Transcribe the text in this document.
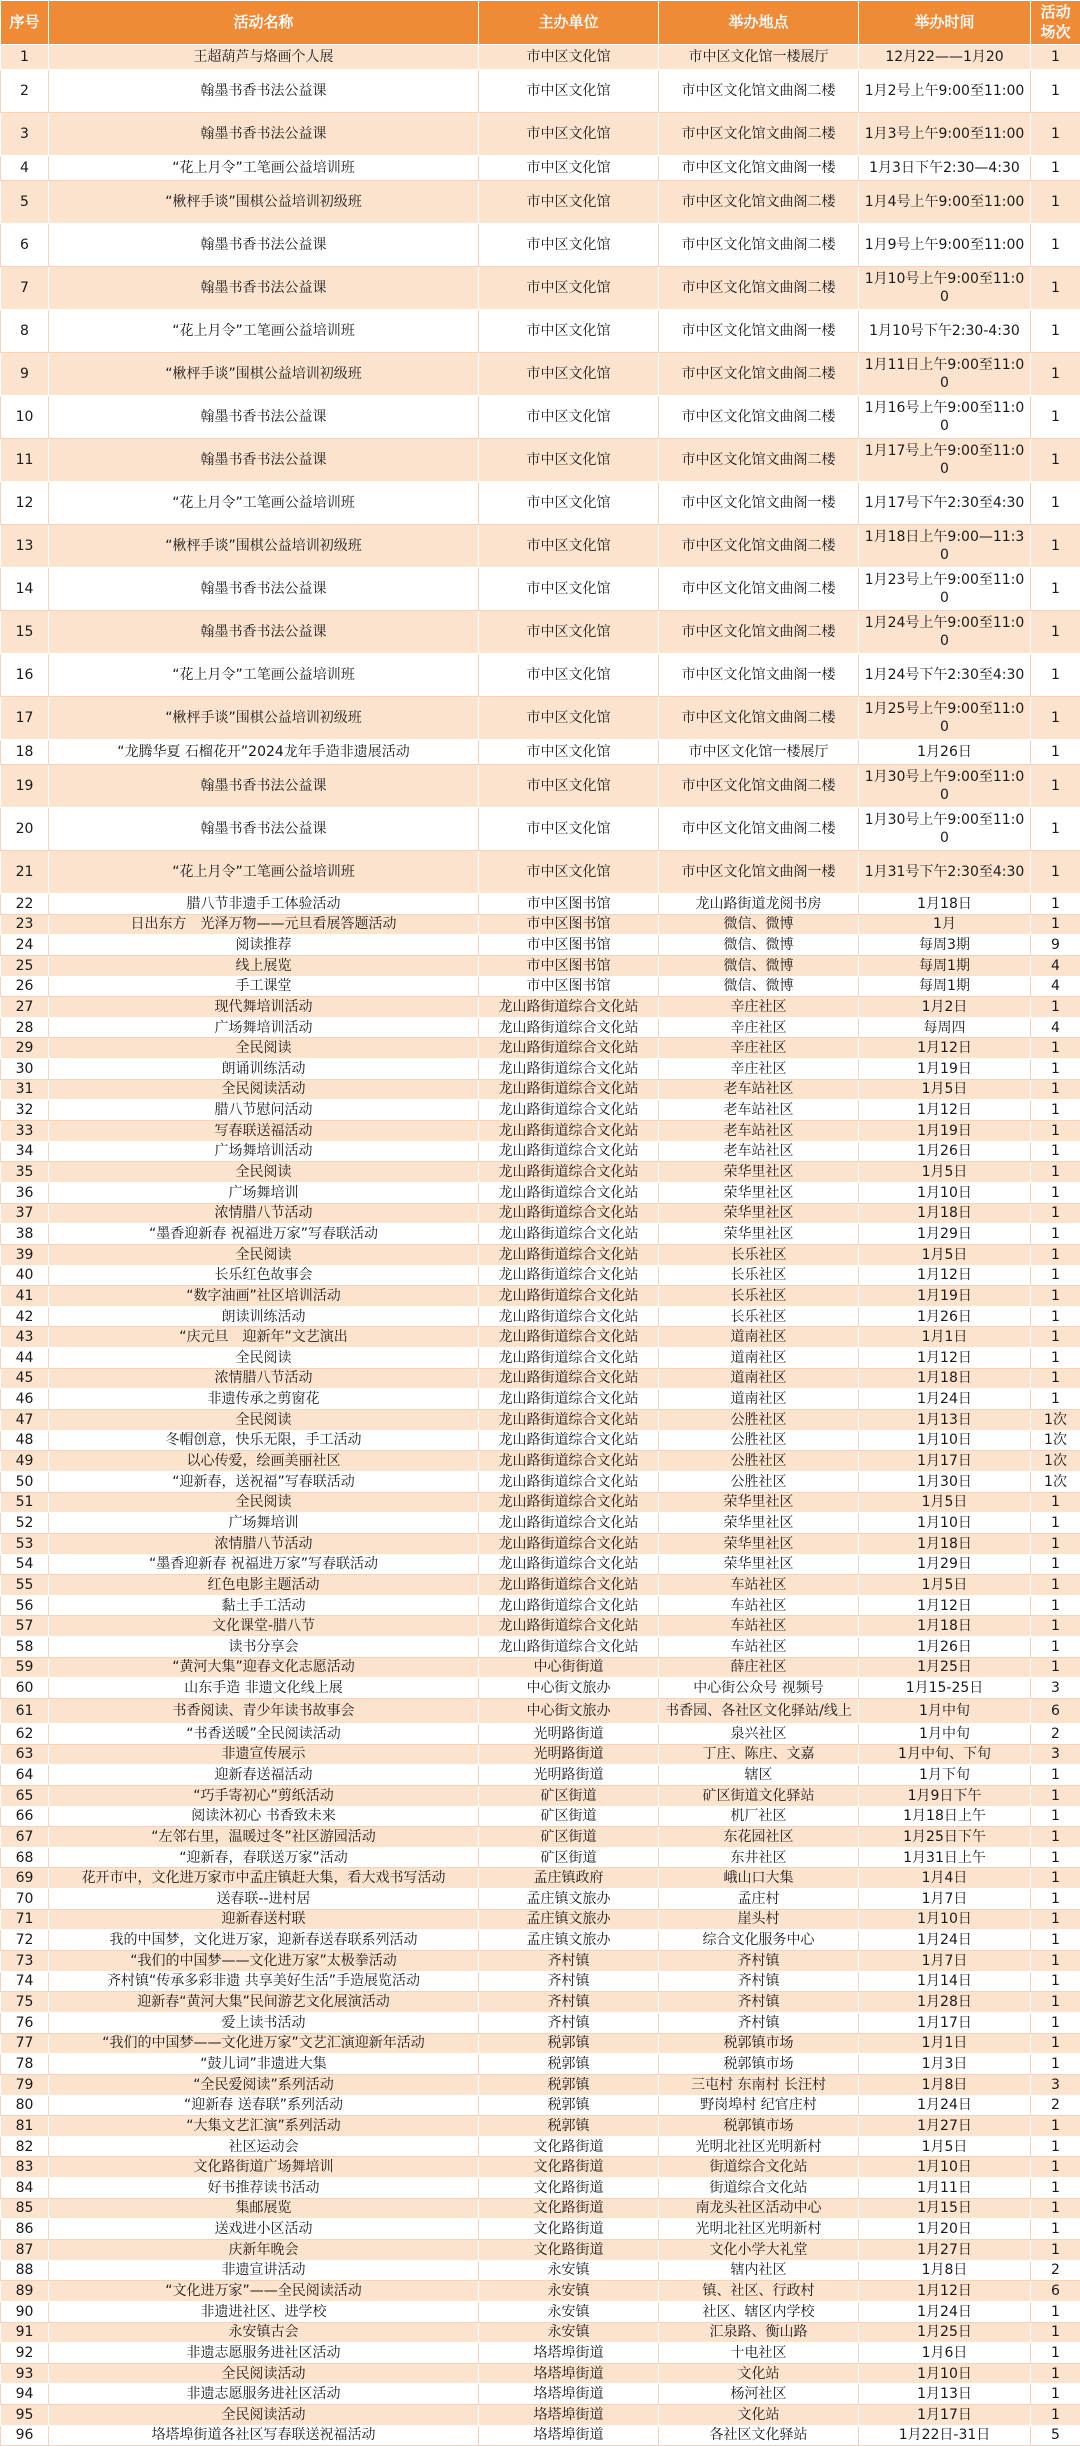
序号	活动名称	主办单位	举办地点	举办时间	活动场次
1	王超葫芦与烙画个人展	市中区文化馆	市中区文化馆一楼展厅	12月22——1月20	1
2	翰墨书香书法公益课	市中区文化馆	市中区文化馆文曲阁二楼	1月2号上午9:00至11:00	1
3	翰墨书香书法公益课	市中区文化馆	市中区文化馆文曲阁二楼	1月3号上午9:00至11:00	1
4	“花上月令”工笔画公益培训班	市中区文化馆	市中区文化馆文曲阁一楼	1月3日下午2:30—4:30	1
5	“楸枰手谈”围棋公益培训初级班	市中区文化馆	市中区文化馆文曲阁二楼	1月4号上午9:00至11:00	1
6	翰墨书香书法公益课	市中区文化馆	市中区文化馆文曲阁二楼	1月9号上午9:00至11:00	1
7	翰墨书香书法公益课	市中区文化馆	市中区文化馆文曲阁二楼	1月10号上午9:00至11:00	1
8	“花上月令”工笔画公益培训班	市中区文化馆	市中区文化馆文曲阁一楼	1月10号下午2:30-4:30	1
9	“楸枰手谈”围棋公益培训初级班	市中区文化馆	市中区文化馆文曲阁二楼	1月11日上午9:00至11:00	1
10	翰墨书香书法公益课	市中区文化馆	市中区文化馆文曲阁二楼	1月16号上午9:00至11:00	1
11	翰墨书香书法公益课	市中区文化馆	市中区文化馆文曲阁二楼	1月17号上午9:00至11:00	1
12	“花上月令”工笔画公益培训班	市中区文化馆	市中区文化馆文曲阁一楼	1月17号下午2:30至4:30	1
13	“楸枰手谈”围棋公益培训初级班	市中区文化馆	市中区文化馆文曲阁二楼	1月18日上午9:00—11:30	1
14	翰墨书香书法公益课	市中区文化馆	市中区文化馆文曲阁二楼	1月23号上午9:00至11:00	1
15	翰墨书香书法公益课	市中区文化馆	市中区文化馆文曲阁二楼	1月24号上午9:00至11:00	1
16	“花上月令”工笔画公益培训班	市中区文化馆	市中区文化馆文曲阁一楼	1月24号下午2:30至4:30	1
17	“楸枰手谈”围棋公益培训初级班	市中区文化馆	市中区文化馆文曲阁二楼	1月25号上午9:00至11:00	1
18	“龙腾华夏 石榴花开”2024龙年手造非遗展活动	市中区文化馆	市中区文化馆一楼展厅	1月26日	1
19	翰墨书香书法公益课	市中区文化馆	市中区文化馆文曲阁二楼	1月30号上午9:00至11:00	1
20	翰墨书香书法公益课	市中区文化馆	市中区文化馆文曲阁二楼	1月30号上午9:00至11:00	1
21	“花上月令”工笔画公益培训班	市中区文化馆	市中区文化馆文曲阁一楼	1月31号下午2:30至4:30	1
22	腊八节非遗手工体验活动	市中区图书馆	龙山路街道龙阅书房	1月18日	1
23	日出东方　光泽万物——元旦看展答题活动	市中区图书馆	微信、微博	1月	1
24	阅读推荐	市中区图书馆	微信、微博	每周3期	9
25	线上展览	市中区图书馆	微信、微博	每周1期	4
26	手工课堂	市中区图书馆	微信、微博	每周1期	4
27	现代舞培训活动	龙山路街道综合文化站	辛庄社区	1月2日	1
28	广场舞培训活动	龙山路街道综合文化站	辛庄社区	每周四	4
29	全民阅读	龙山路街道综合文化站	辛庄社区	1月12日	1
30	朗诵训练活动	龙山路街道综合文化站	辛庄社区	1月19日	1
31	全民阅读活动	龙山路街道综合文化站	老车站社区	1月5日	1
32	腊八节慰问活动	龙山路街道综合文化站	老车站社区	1月12日	1
33	写春联送福活动	龙山路街道综合文化站	老车站社区	1月19日	1
34	广场舞培训活动	龙山路街道综合文化站	老车站社区	1月26日	1
35	全民阅读	龙山路街道综合文化站	荣华里社区	1月5日	1
36	广场舞培训	龙山路街道综合文化站	荣华里社区	1月10日	1
37	浓情腊八节活动	龙山路街道综合文化站	荣华里社区	1月18日	1
38	“墨香迎新春 祝福进万家”写春联活动	龙山路街道综合文化站	荣华里社区	1月29日	1
39	全民阅读	龙山路街道综合文化站	长乐社区	1月5日	1
40	长乐红色故事会	龙山路街道综合文化站	长乐社区	1月12日	1
41	“数字油画”社区培训活动	龙山路街道综合文化站	长乐社区	1月19日	1
42	朗读训练活动	龙山路街道综合文化站	长乐社区	1月26日	1
43	“庆元旦　迎新年”文艺演出	龙山路街道综合文化站	道南社区	1月1日	1
44	全民阅读	龙山路街道综合文化站	道南社区	1月12日	1
45	浓情腊八节活动	龙山路街道综合文化站	道南社区	1月18日	1
46	非遗传承之剪窗花	龙山路街道综合文化站	道南社区	1月24日	1
47	全民阅读	龙山路街道综合文化站	公胜社区	1月13日	1次
48	冬帽创意，快乐无限，手工活动	龙山路街道综合文化站	公胜社区	1月10日	1次
49	以心传爱，绘画美丽社区	龙山路街道综合文化站	公胜社区	1月17日	1次
50	“迎新春，送祝福”写春联活动	龙山路街道综合文化站	公胜社区	1月30日	1次
51	全民阅读	龙山路街道综合文化站	荣华里社区	1月5日	1
52	广场舞培训	龙山路街道综合文化站	荣华里社区	1月10日	1
53	浓情腊八节活动	龙山路街道综合文化站	荣华里社区	1月18日	1
54	“墨香迎新春 祝福进万家”写春联活动	龙山路街道综合文化站	荣华里社区	1月29日	1
55	红色电影主题活动	龙山路街道综合文化站	车站社区	1月5日	1
56	黏土手工活动	龙山路街道综合文化站	车站社区	1月12日	1
57	文化课堂-腊八节	龙山路街道综合文化站	车站社区	1月18日	1
58	读书分享会	龙山路街道综合文化站	车站社区	1月26日	1
59	“黄河大集”迎春文化志愿活动	中心街街道	薛庄社区	1月25日	1
60	山东手造 非遗文化线上展	中心街文旅办	中心街公众号 视频号	1月15-25日	3
61	书香阅读、青少年读书故事会	中心街文旅办	书香园、各社区文化驿站/线上	1月中旬	6
62	“书香送暖”全民阅读活动	光明路街道	泉兴社区	1月中旬	2
63	非遗宣传展示	光明路街道	丁庄、陈庄、文嘉	1月中旬、下旬	3
64	迎新春送福活动	光明路街道	辖区	1月下旬	1
65	“巧手寄初心”剪纸活动	矿区街道	矿区街道文化驿站	1月9日下午	1
66	阅读沐初心 书香致未来	矿区街道	机厂社区	1月18日上午	1
67	“左邻右里，温暖过冬”社区游园活动	矿区街道	东花园社区	1月25日下午	1
68	“迎新春，春联送万家”活动	矿区街道	东井社区	1月31日上午	1
69	花开市中，文化进万家市中孟庄镇赶大集，看大戏书写活动	孟庄镇政府	峨山口大集	1月4日	1
70	送春联--进村居	孟庄镇文旅办	孟庄村	1月7日	1
71	迎新春送村联	孟庄镇文旅办	崖头村	1月10日	1
72	我的中国梦，文化进万家，迎新春送春联系列活动	孟庄镇文旅办	综合文化服务中心	1月24日	1
73	“我们的中国梦——文化进万家”太极拳活动	齐村镇	齐村镇	1月7日	1
74	齐村镇“传承多彩非遗 共享美好生活”手造展览活动	齐村镇	齐村镇	1月14日	1
75	迎新春“黄河大集”民间游艺文化展演活动	齐村镇	齐村镇	1月28日	1
76	爱上读书活动	齐村镇	齐村镇	1月17日	1
77	“我们的中国梦——文化进万家”文艺汇演迎新年活动	税郭镇	税郭镇市场	1月1日	1
78	“鼓儿词”非遗进大集	税郭镇	税郭镇市场	1月3日	1
79	“全民爱阅读”系列活动	税郭镇	三屯村 东南村 长汪村	1月8日	3
80	“迎新春 送春联”系列活动	税郭镇	野岗埠村 纪官庄村	1月24日	2
81	“大集文艺汇演”系列活动	税郭镇	税郭镇市场	1月27日	1
82	社区运动会	文化路街道	光明北社区光明新村	1月5日	1
83	文化路街道广场舞培训	文化路街道	街道综合文化站	1月10日	1
84	好书推荐读书活动	文化路街道	街道综合文化站	1月11日	1
85	集邮展览	文化路街道	南龙头社区活动中心	1月15日	1
86	送戏进小区活动	文化路街道	光明北社区光明新村	1月20日	1
87	庆新年晚会	文化路街道	文化小学大礼堂	1月27日	1
88	非遗宣讲活动	永安镇	辖内社区	1月8日	2
89	“文化进万家”——全民阅读活动	永安镇	镇、社区、行政村	1月12日	6
90	非遗进社区、进学校	永安镇	社区、辖区内学校	1月24日	1
91	永安镇古会	永安镇	汇泉路、衡山路	1月25日	1
92	非遗志愿服务进社区活动	垎塔埠街道	十电社区	1月6日	1
93	全民阅读活动	垎塔埠街道	文化站	1月10日	1
94	非遗志愿服务进社区活动	垎塔埠街道	杨河社区	1月13日	1
95	全民阅读活动	垎塔埠街道	文化站	1月17日	1
96	垎塔埠街道各社区写春联送祝福活动	垎塔埠街道	各社区文化驿站	1月22日-31日	5
